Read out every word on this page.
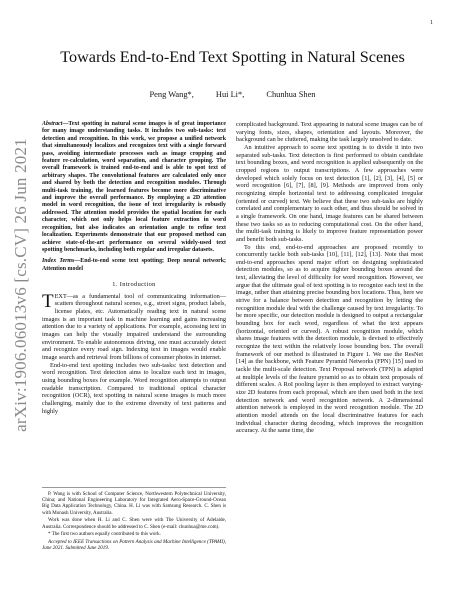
1
arXiv:1906.06013v6 [cs.CV] 26 Jun 2021
Towards End-to-End Text Spotting in Natural Scenes
Peng Wang*,	Hui Li*,	Chunhua Shen

Abstract—Text spotting in natural scene images is of great importance for many image understanding tasks. It includes two sub-tasks: text detection and recognition. In this work, we propose a unified network that simultaneously localizes and recognizes text with a single forward pass, avoiding intermediate processes such as image cropping and feature re-calculation, word separation, and character grouping. The overall framework is trained end-to-end and is able to spot text of arbitrary shapes. The convolutional features are calculated only once and shared by both the detection and recognition modules. Through multi-task training, the learned features become more discriminative and improve the overall performance. By employing a 2D attention model in word recognition, the issue of text irregularity is robustly addressed. The attention model provides the spatial location for each character, which not only helps local feature extraction in word recognition, but also indicates an orientation angle to refine text localization. Experiments demonstrate that our proposed method can achieve state-of-the-art performance on several widely-used text spotting benchmarks, including both regular and irregular datasets.

Index Terms—End-to-end scene text spotting; Deep neural network; Attention model

1. Introduction

TEXT—as a fundamental tool of communicating information—scatters throughout natural scenes, e.g., street signs, product labels, license plates, etc. Automatically reading text in natural scene images is an important task in machine learning and gains increasing attention due to a variety of applications. For example, accessing text in images can help the visually impaired understand the surrounding environment. To enable autonomous driving, one must accurately detect and recognize every road sign. Indexing text in images would enable image search and retrieval from billions of consumer photos in internet.

End-to-end text spotting includes two sub-tasks: text detection and word recognition. Text detection aims to localize each text in images, using bounding boxes for example. Word recognition attempts to output readable transcription. Compared to traditional optical character recognition (OCR), text spotting in natural scene images is much more challenging, mainly due to the extreme diversity of text patterns and highly

P. Wang is with School of Computer Science, Northwestern Polytechnical University, China; and National Engineering Laboratory for Integrated Aero-Space-Ground-Ocean Big Data Application Technology, China. H. Li was with Samsung Research. C. Shen is with Monash University, Australia.

Work was done when H. Li and C. Shen were with The University of Adelaide, Australia. Correspondence should be addressed to C. Shen (e-mail: chunhua@me.com).

* The first two authors equally contributed to this work.

Accepted to IEEE Transactions on Pattern Analysis and Machine Intelligence (TPAMI), June 2021. Submitted June 2019.

complicated background. Text appearing in natural scene images can be of varying fonts, sizes, shapes, orientation and layouts. Moreover, the background can be cluttered, making the task largely unsolved to date.

An intuitive approach to scene text spotting is to divide it into two separated sub-tasks. Text detection is first performed to obtain candidate text bounding boxes, and word recognition is applied subsequently on the cropped regions to output transcriptions. A few approaches were developed which solely focus on text detection [1], [2], [3], [4], [5] or word recognition [6], [7], [8], [9]. Methods are improved from only recognizing simple horizontal text to addressing complicated irregular (oriented or curved) text. We believe that these two sub-tasks are highly correlated and complementary to each other, and thus should be solved in a single framework. On one hand, image features can be shared between these two tasks so as to reducing computational cost. On the other hand, the multi-task training is likely to improve feature representation power and benefit both sub-tasks.

To this end, end-to-end approaches are proposed recently to concurrently tackle both sub-tasks [10], [11], [12], [13]. Note that most end-to-end approaches spend major effort on designing sophisticated detection modules, so as to acquire tighter bounding boxes around the text, alleviating the level of difficulty for word recognition. However, we argue that the ultimate goal of text spotting is to recognize each text in the image, rather than attaining precise bounding box locations. Thus, here we strive for a balance between detection and recognition by letting the recognition module deal with the challenge caused by text irregularity. To be more specific, our detection module is designed to output a rectangular bounding box for each word, regardless of what the text appears (horizontal, oriented or curved). A robust recognition module, which shares image features with the detection module, is devised to effectively recognize the text within the relatively loose bounding box. The overall framework of our method is illustrated in Figure 1. We use the ResNet [14] as the backbone, with Feature Pyramid Networks (FPN) [15] used to tackle the multi-scale detection. Text Proposal network (TPN) is adapted at multiple levels of the feature pyramid so as to obtain text proposals of different scales. A RoI pooling layer is then employed to extract varying-size 2D features from each proposal, which are then used both in the text detection network and word recognition network. A 2-dimensional attention network is employed in the word recognition module. The 2D attention model attends on the local discriminative features for each individual character during decoding, which improves the recognition accuracy. At the same time, the
